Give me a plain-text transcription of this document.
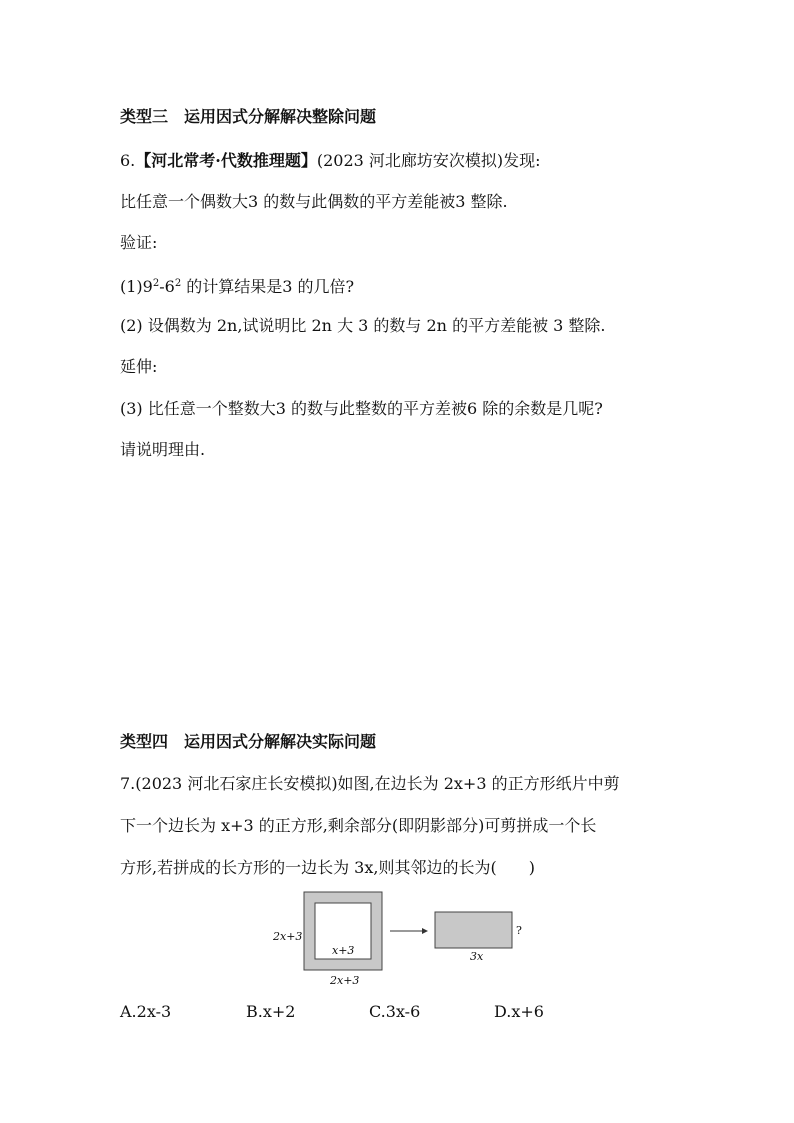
类型三　运用因式分解解决整除问题
6.【河北常考·代数推理题】(2023 河北廊坊安次模拟)发现:
比任意一个偶数大3 的数与此偶数的平方差能被3 整除.
验证:
$(1)9^2-6^2$ 的计算结果是3 的几倍?
(2) 设偶数为 2n,试说明比 2n 大 3 的数与 2n 的平方差能被 3 整除.
延伸:
(3) 比任意一个整数大3 的数与此整数的平方差被6 除的余数是几呢?
请说明理由.
类型四　运用因式分解解决实际问题
7.(2023 河北石家庄长安模拟)如图,在边长为 2x+3 的正方形纸片中剪
下一个边长为 x+3 的正方形,剩余部分(即阴影部分)可剪拼成一个长
方形,若拼成的长方形的一边长为 3x,则其邻边的长为(　　)
2x+3
x+3
2x+3
3x
?
A.2x-3	B.x+2	C.3x-6	D.x+6
